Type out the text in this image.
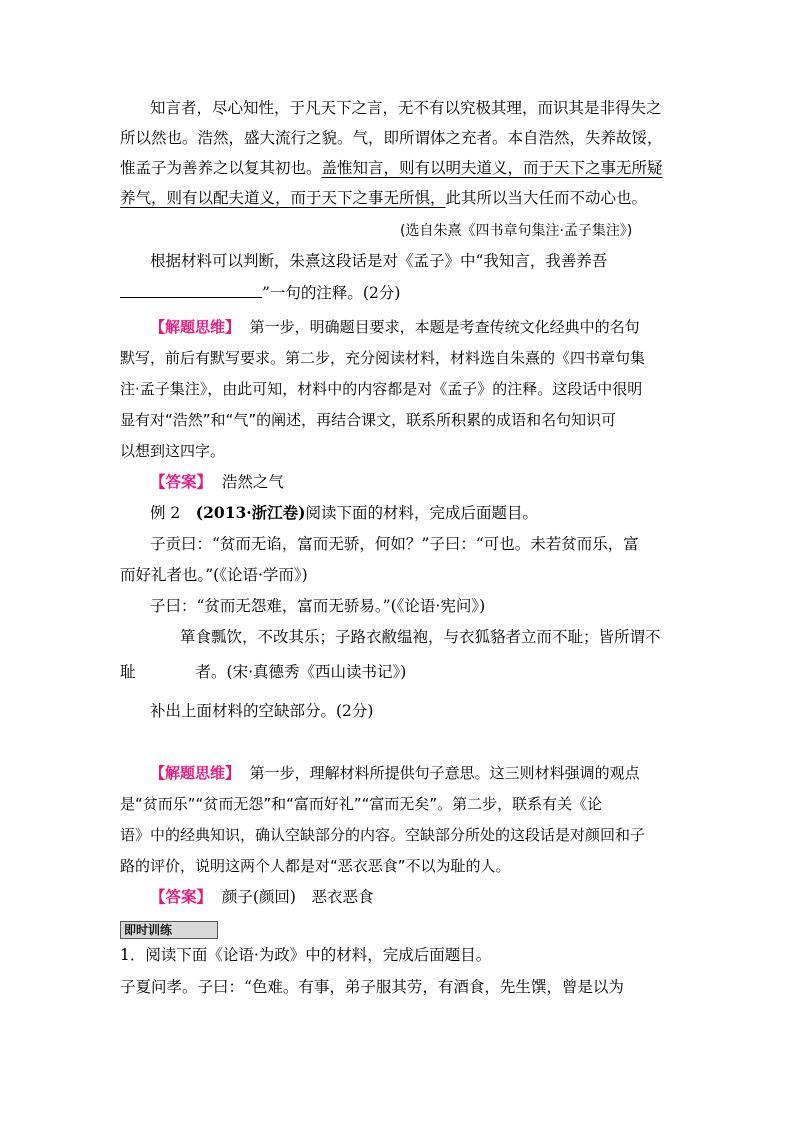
知言者，尽心知性，于凡天下之言，无不有以究极其理，而识其是非得失之
所以然也。浩然，盛大流行之貌。气，即所谓体之充者。本自浩然，失养故馁，
惟孟子为善养之以复其初也。盖惟知言，则有以明夫道义，而于天下之事无所疑
养气，则有以配夫道义，而于天下之事无所惧，此其所以当大任而不动心也。
(选自朱熹《四书章句集注·孟子集注》)
根据材料可以判断，朱熹这段话是对《孟子》中“我知言，我善养吾
”一句的注释。(2分)
【解题思维】 第一步，明确题目要求，本题是考查传统文化经典中的名句
默写，前后有默写要求。第二步，充分阅读材料，材料选自朱熹的《四书章句集
注·孟子集注》，由此可知，材料中的内容都是对《孟子》的注释。这段话中很明
显有对“浩然”和“气”的阐述，再结合课文，联系所积累的成语和名句知识可
以想到这四字。
【答案】 浩然之气
例 2　(2013·浙江卷)阅读下面的材料，完成后面题目。
子贡曰：“贫而无谄，富而无骄，何如？”子曰：“可也。未若贫而乐，富
而好礼者也。”(《论语·学而》)
子曰：“贫而无怨难，富而无骄易。”(《论语·宪问》)
箪食瓢饮，不改其乐；子路衣敝缊袍，与衣狐貉者立而不耻；皆所谓不
耻	者。(宋·真德秀《西山读书记》)
补出上面材料的空缺部分。(2分)
【解题思维】 第一步，理解材料所提供句子意思。这三则材料强调的观点
是“贫而乐”“贫而无怨”和“富而好礼”“富而无矣”。第二步，联系有关《论
语》中的经典知识，确认空缺部分的内容。空缺部分所处的这段话是对颜回和子
路的评价，说明这两个人都是对“恶衣恶食”不以为耻的人。
【答案】 颜子(颜回)　恶衣恶食
即时训练
1．阅读下面《论语·为政》中的材料，完成后面题目。
子夏问孝。子曰：“色难。有事，弟子服其劳，有酒食，先生馔，曾是以为
